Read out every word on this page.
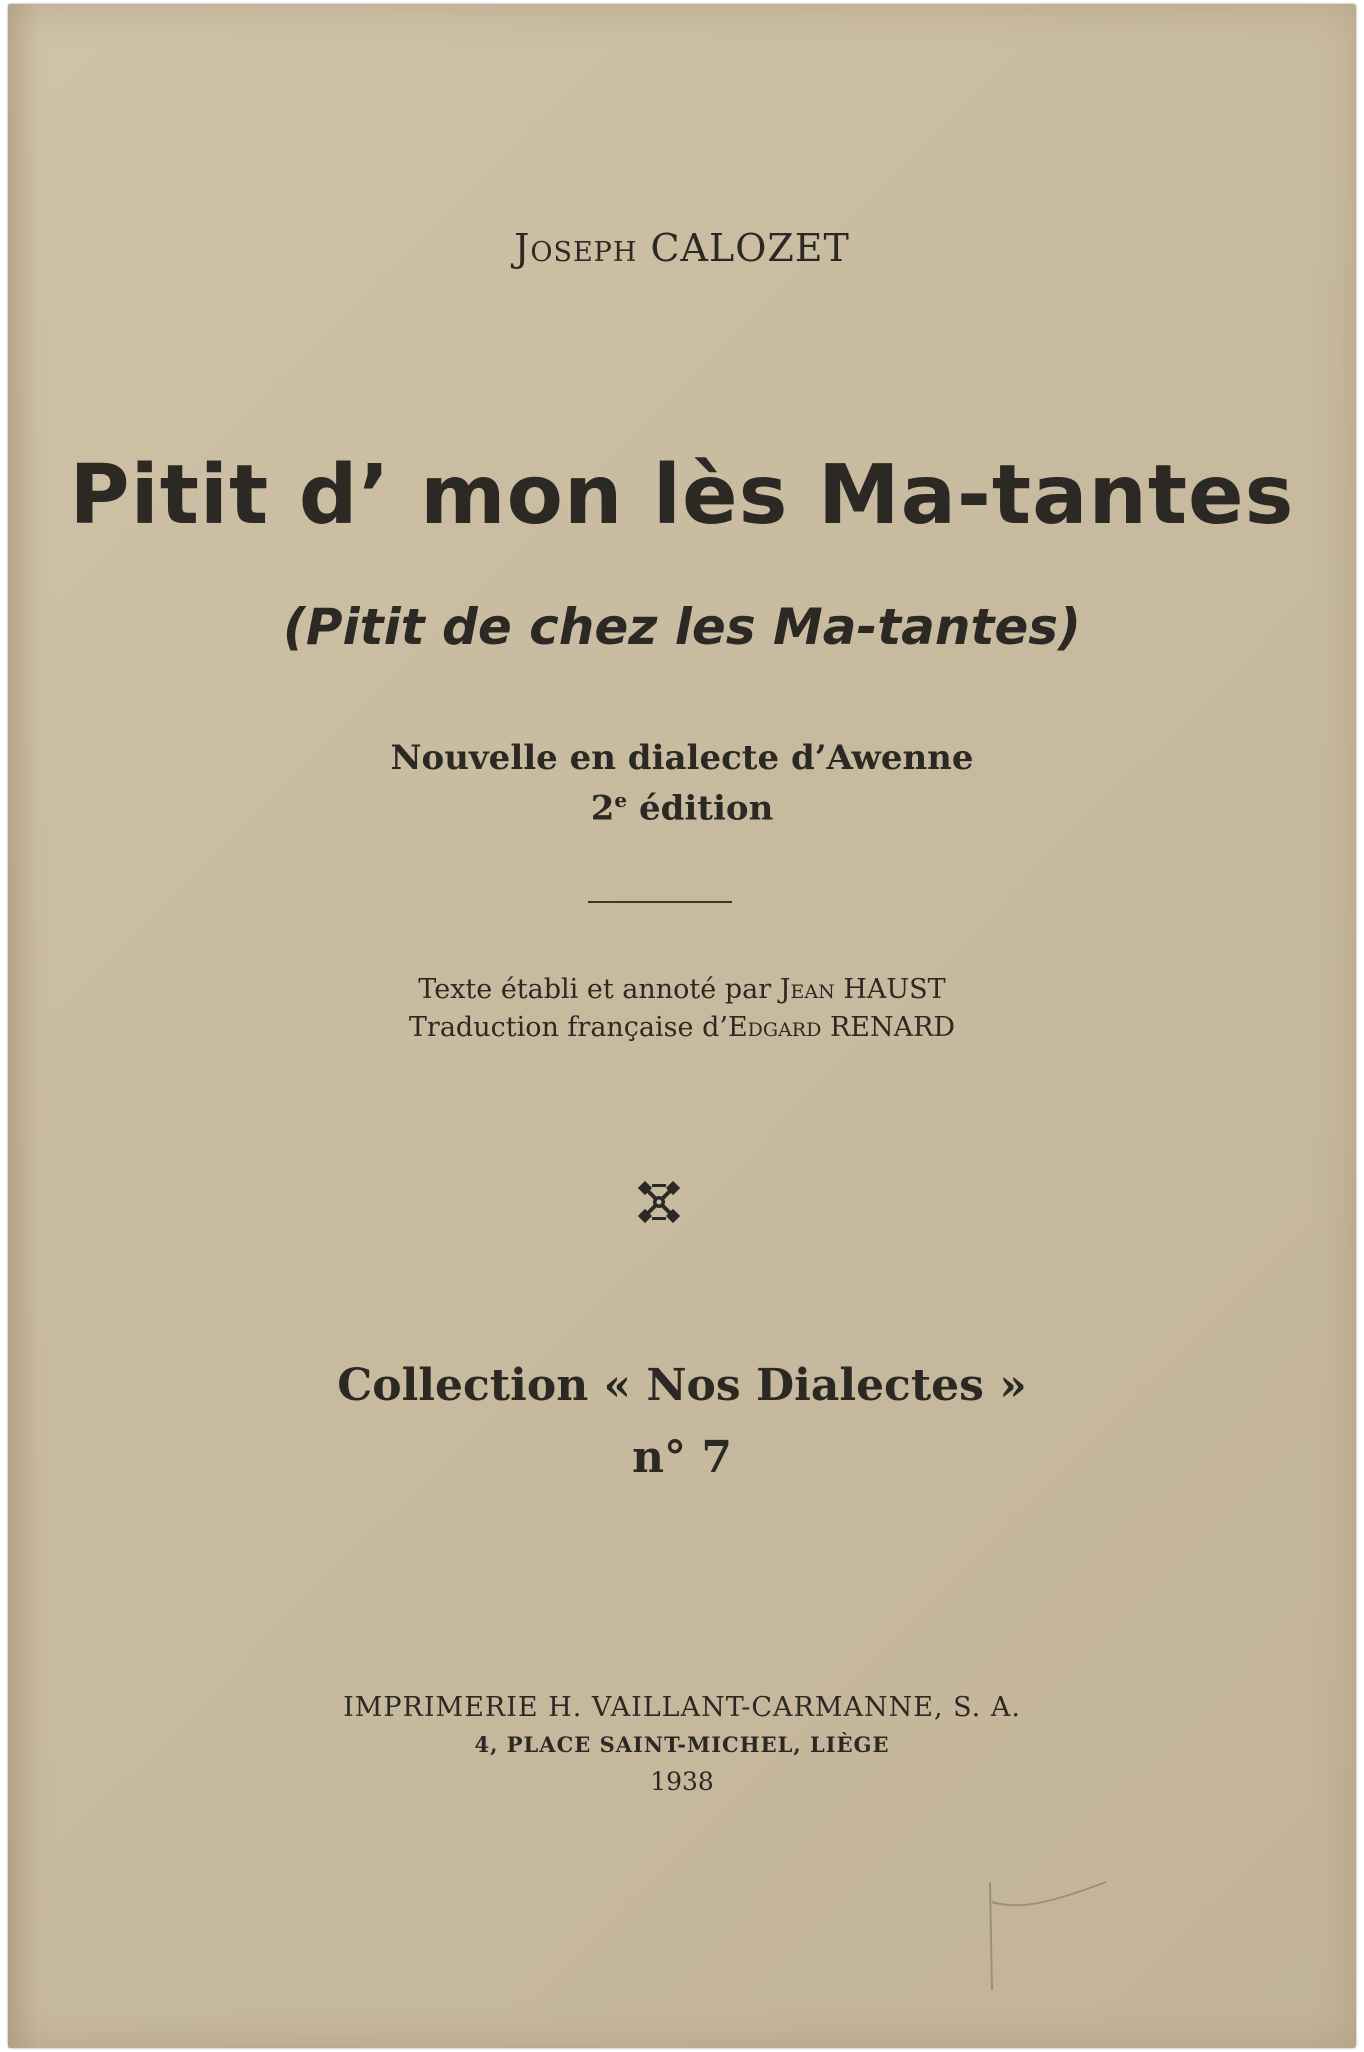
Joseph CALOZET
Pitit d’ mon lès Ma-tantes
(Pitit de chez les Ma-tantes)
Nouvelle en dialecte d’Awenne
2e édition
Texte établi et annoté par Jean HAUST
Traduction française d’Edgard RENARD
Collection « Nos Dialectes »
n° 7
IMPRIMERIE H. VAILLANT-CARMANNE, S. A.
4, PLACE SAINT-MICHEL, LIÈGE
1938
